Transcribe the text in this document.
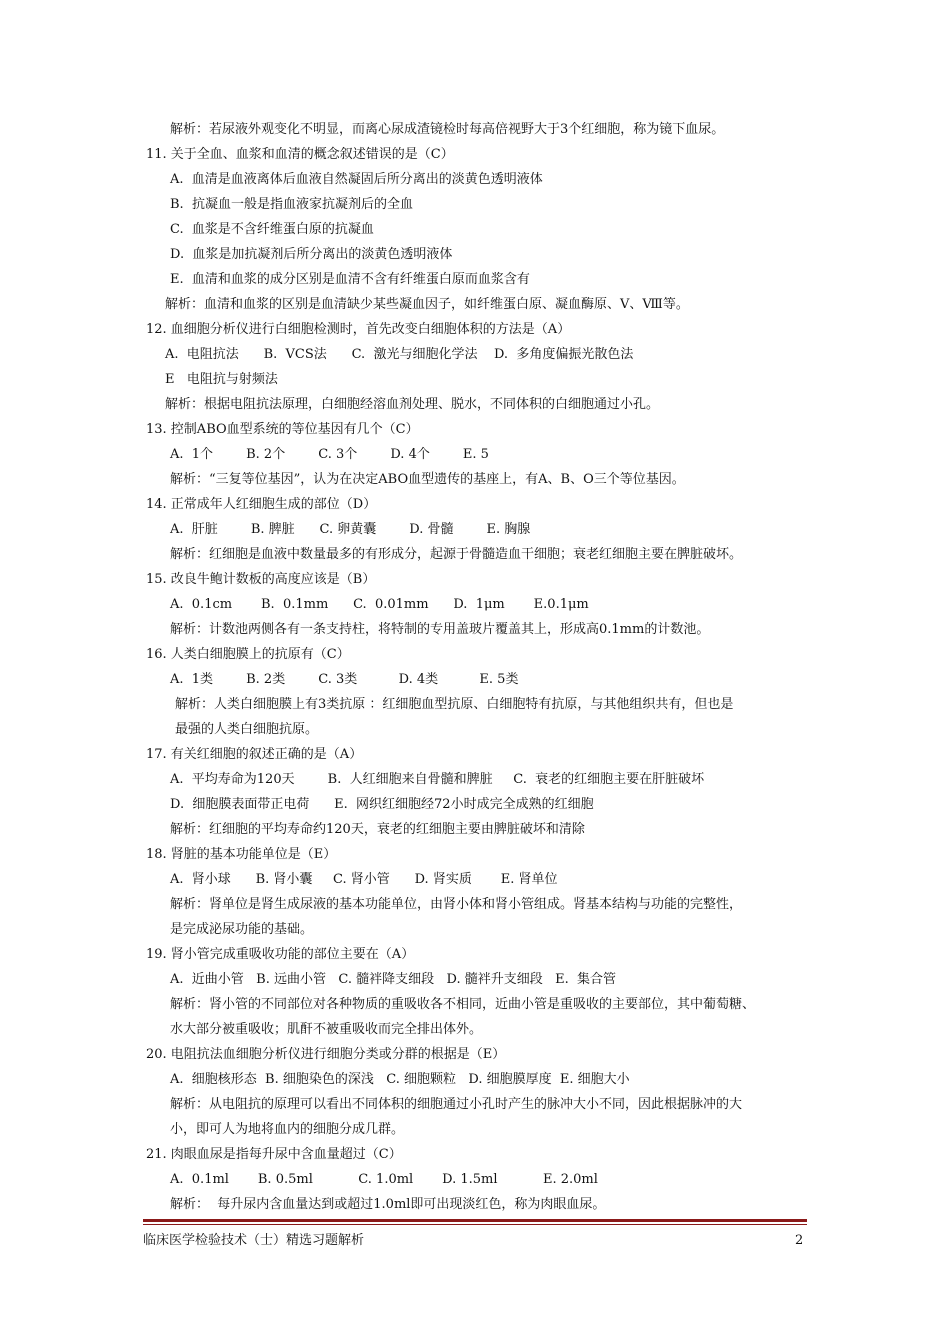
解析：若尿液外观变化不明显，而离心尿成渣镜检时每高倍视野大于3个红细胞，称为镜下血尿。
11. 关于全血、血浆和血清的概念叙述错误的是（C）
A.  血清是血液离体后血液自然凝固后所分离出的淡黄色透明液体
B.  抗凝血一般是指血液家抗凝剂后的全血
C.  血浆是不含纤维蛋白原的抗凝血
D.  血浆是加抗凝剂后所分离出的淡黄色透明液体
E.  血清和血浆的成分区别是血清不含有纤维蛋白原而血浆含有
解析：血清和血浆的区别是血清缺少某些凝血因子，如纤维蛋白原、凝血酶原、Ⅴ、Ⅷ等。
12. 血细胞分析仪进行白细胞检测时，首先改变白细胞体积的方法是（A）
A.  电阻抗法      B.  VCS法      C.  激光与细胞化学法    D.  多角度偏振光散色法
E   电阻抗与射频法
解析：根据电阻抗法原理，白细胞经溶血剂处理、脱水，不同体积的白细胞通过小孔。
13. 控制ABO血型系统的等位基因有几个（C）
A.  1个        B. 2个        C. 3个        D. 4个        E. 5
解析：“三复等位基因”，认为在决定ABO血型遗传的基座上，有A、B、O三个等位基因。
14. 正常成年人红细胞生成的部位（D）
A.  肝脏        B. 脾脏      C. 卵黄囊        D. 骨髓        E. 胸腺
解析：红细胞是血液中数量最多的有形成分，起源于骨髓造血干细胞；衰老红细胞主要在脾脏破坏。
15. 改良牛鲍计数板的高度应该是（B）
A.  0.1cm       B.  0.1mm      C.  0.01mm      D.  1μm       E.0.1μm
解析：计数池两侧各有一条支持柱，将特制的专用盖玻片覆盖其上，形成高0.1mm的计数池。
16. 人类白细胞膜上的抗原有（C）
A.  1类        B. 2类        C. 3类          D. 4类          E. 5类
解析：人类白细胞膜上有3类抗原 ：红细胞血型抗原、白细胞特有抗原，与其他组织共有，但也是
最强的人类白细胞抗原。
17. 有关红细胞的叙述正确的是（A）
A.  平均寿命为120天        B.  人红细胞来自骨髓和脾脏     C.  衰老的红细胞主要在肝脏破坏
D.  细胞膜表面带正电荷      E.  网织红细胞经72小时成完全成熟的红细胞
解析：红细胞的平均寿命约120天，衰老的红细胞主要由脾脏破坏和清除
18. 肾脏的基本功能单位是（E）
A.  肾小球      B. 肾小囊     C. 肾小管      D. 肾实质       E. 肾单位
解析：肾单位是肾生成尿液的基本功能单位，由肾小体和肾小管组成。肾基本结构与功能的完整性，
是完成泌尿功能的基础。
19. 肾小管完成重吸收功能的部位主要在（A）
A.  近曲小管   B. 远曲小管   C. 髓袢降支细段   D. 髓袢升支细段   E.  集合管
解析：肾小管的不同部位对各种物质的重吸收各不相同，近曲小管是重吸收的主要部位，其中葡萄糖、
水大部分被重吸收；肌酐不被重吸收而完全排出体外。
20. 电阻抗法血细胞分析仪进行细胞分类或分群的根据是（E）
A.  细胞核形态  B. 细胞染色的深浅   C. 细胞颗粒   D. 细胞膜厚度  E. 细胞大小
解析：从电阻抗的原理可以看出不同体积的细胞通过小孔时产生的脉冲大小不同，因此根据脉冲的大
小，即可人为地将血内的细胞分成几群。
21. 肉眼血尿是指每升尿中含血量超过（C）
A.  0.1ml       B. 0.5ml           C. 1.0ml       D. 1.5ml           E. 2.0ml
解析：  每升尿内含血量达到或超过1.0ml即可出现淡红色，称为肉眼血尿。
临床医学检验技术（士）精选习题解析	2
